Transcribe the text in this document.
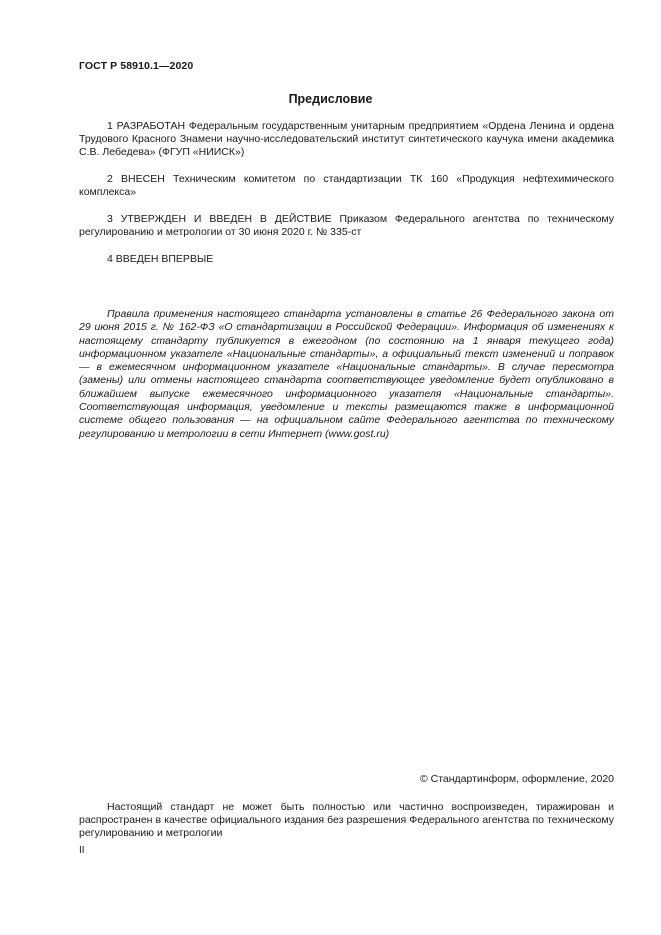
ГОСТ Р 58910.1—2020
Предисловие
1 РАЗРАБОТАН Федеральным государственным унитарным предприятием «Ордена Ленина и ордена Трудового Красного Знамени научно-исследовательский институт синтетического каучука имени академика С.В. Лебедева» (ФГУП «НИИСК»)
2 ВНЕСЕН Техническим комитетом по стандартизации ТК 160 «Продукция нефтехимического комплекса»
3 УТВЕРЖДЕН И ВВЕДЕН В ДЕЙСТВИЕ Приказом Федерального агентства по техническому регулированию и метрологии от 30 июня 2020 г. № 335-ст
4 ВВЕДЕН ВПЕРВЫЕ
Правила применения настоящего стандарта установлены в статье 26 Федерального закона от 29 июня 2015 г. № 162-ФЗ «О стандартизации в Российской Федерации». Информация об изменениях к настоящему стандарту публикуется в ежегодном (по состоянию на 1 января текущего года) информационном указателе «Национальные стандарты», а официальный текст изменений и поправок — в ежемесячном информационном указателе «Национальные стандарты». В случае пересмотра (замены) или отмены настоящего стандарта соответствующее уведомление будет опубликовано в ближайшем выпуске ежемесячного информационного указателя «Национальные стандарты». Соответствующая информация, уведомление и тексты размещаются также в информационной системе общего пользования — на официальном сайте Федерального агентства по техническому регулированию и метрологии в сети Интернет (www.gost.ru)
© Стандартинформ, оформление, 2020
Настоящий стандарт не может быть полностью или частично воспроизведен, тиражирован и распространен в качестве официального издания без разрешения Федерального агентства по техническому регулированию и метрологии
II
